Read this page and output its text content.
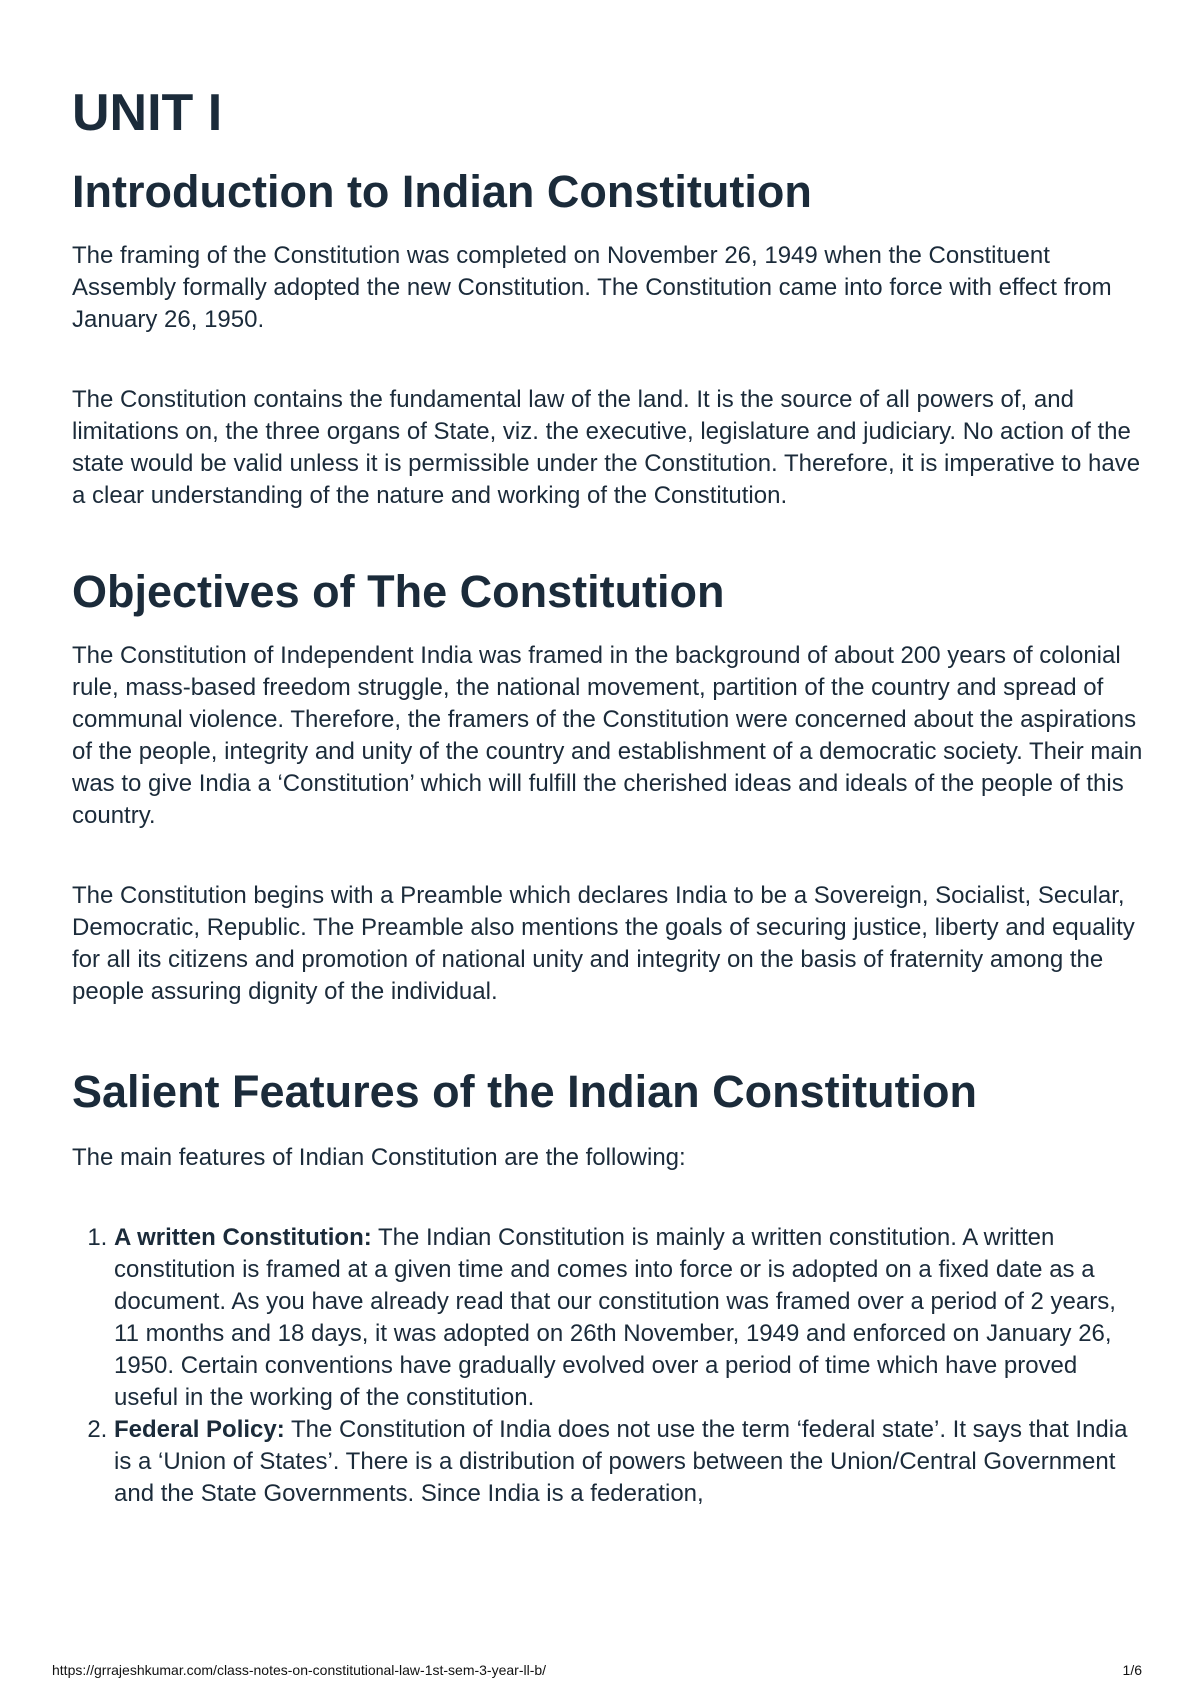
UNIT I
Introduction to Indian Constitution

The framing of the Constitution was completed on November 26, 1949 when the Constituent Assembly formally adopted the new Constitution. The Constitution came into force with effect from January 26, 1950.

The Constitution contains the fundamental law of the land. It is the source of all powers of, and limitations on, the three organs of State, viz. the executive, legislature and judiciary. No action of the state would be valid unless it is permissible under the Constitution. Therefore, it is imperative to have a clear understanding of the nature and working of the Constitution.

Objectives of The Constitution

The Constitution of Independent India was framed in the background of about 200 years of colonial rule, mass-based freedom struggle, the national movement, partition of the country and spread of communal violence. Therefore, the framers of the Constitution were concerned about the aspirations of the people, integrity and unity of the country and establishment of a democratic society. Their main was to give India a ‘Constitution’ which will fulfill the cherished ideas and ideals of the people of this country.

The Constitution begins with a Preamble which declares India to be a Sovereign, Socialist, Secular, Democratic, Republic. The Preamble also mentions the goals of securing justice, liberty and equality for all its citizens and promotion of national unity and integrity on the basis of fraternity among the people assuring dignity of the individual.

Salient Features of the Indian Constitution

The main features of Indian Constitution are the following:

1. A written Constitution: The Indian Constitution is mainly a written constitution. A written constitution is framed at a given time and comes into force or is adopted on a fixed date as a document. As you have already read that our constitution was framed over a period of 2 years, 11 months and 18 days, it was adopted on 26th November, 1949 and enforced on January 26, 1950. Certain conventions have gradually evolved over a period of time which have proved useful in the working of the constitution.
2. Federal Policy: The Constitution of India does not use the term ‘federal state’. It says that India is a ‘Union of States’. There is a distribution of powers between the Union/Central Government and the State Governments. Since India is a federation,
https://grrajeshkumar.com/class-notes-on-constitutional-law-1st-sem-3-year-ll-b/	1/6
